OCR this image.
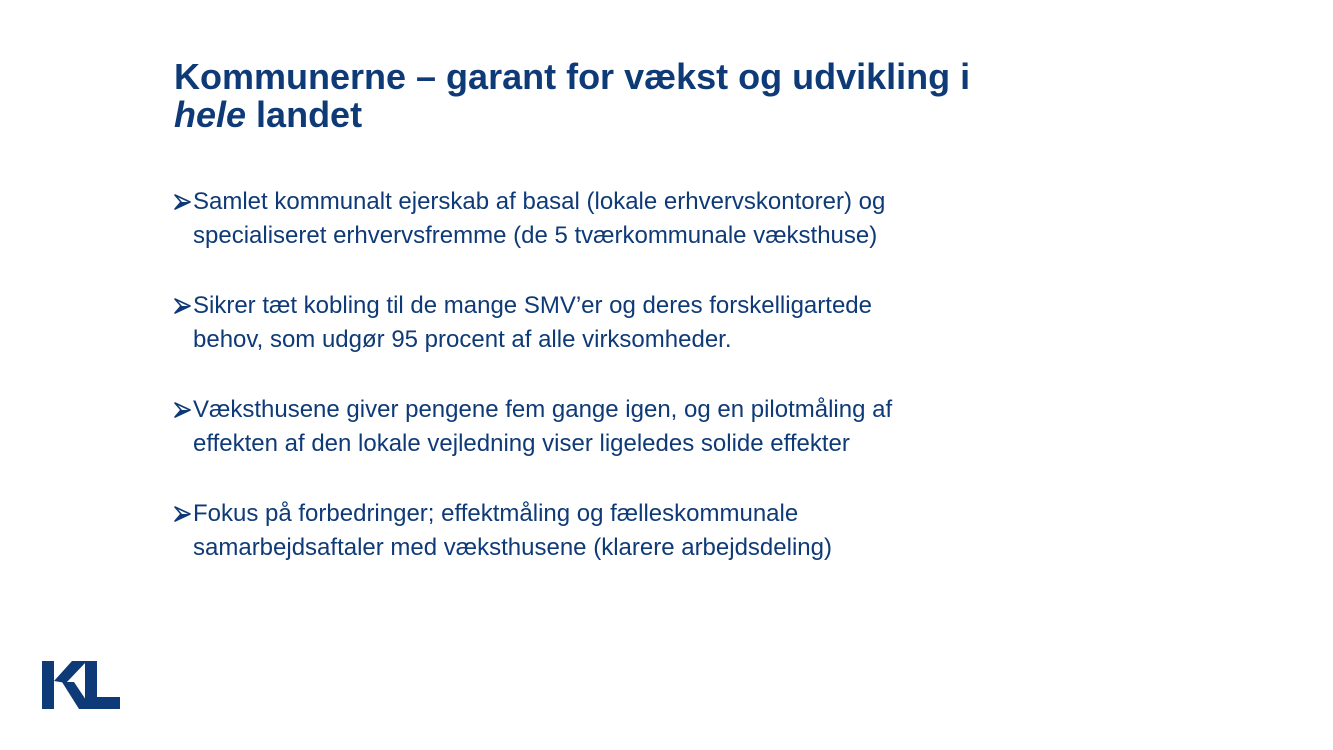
Kommunerne – garant for vækst og udvikling i
hele landet
Samlet kommunalt ejerskab af basal (lokale erhvervskontorer) og
specialiseret erhvervsfremme (de 5 tværkommunale væksthuse)
Sikrer tæt kobling til de mange SMV’er og deres forskelligartede
behov, som udgør 95 procent af alle virksomheder.
Væksthusene giver pengene fem gange igen, og en pilotmåling af
effekten af den lokale vejledning viser ligeledes solide effekter
Fokus på forbedringer; effektmåling og fælleskommunale
samarbejdsaftaler med væksthusene (klarere arbejdsdeling)
